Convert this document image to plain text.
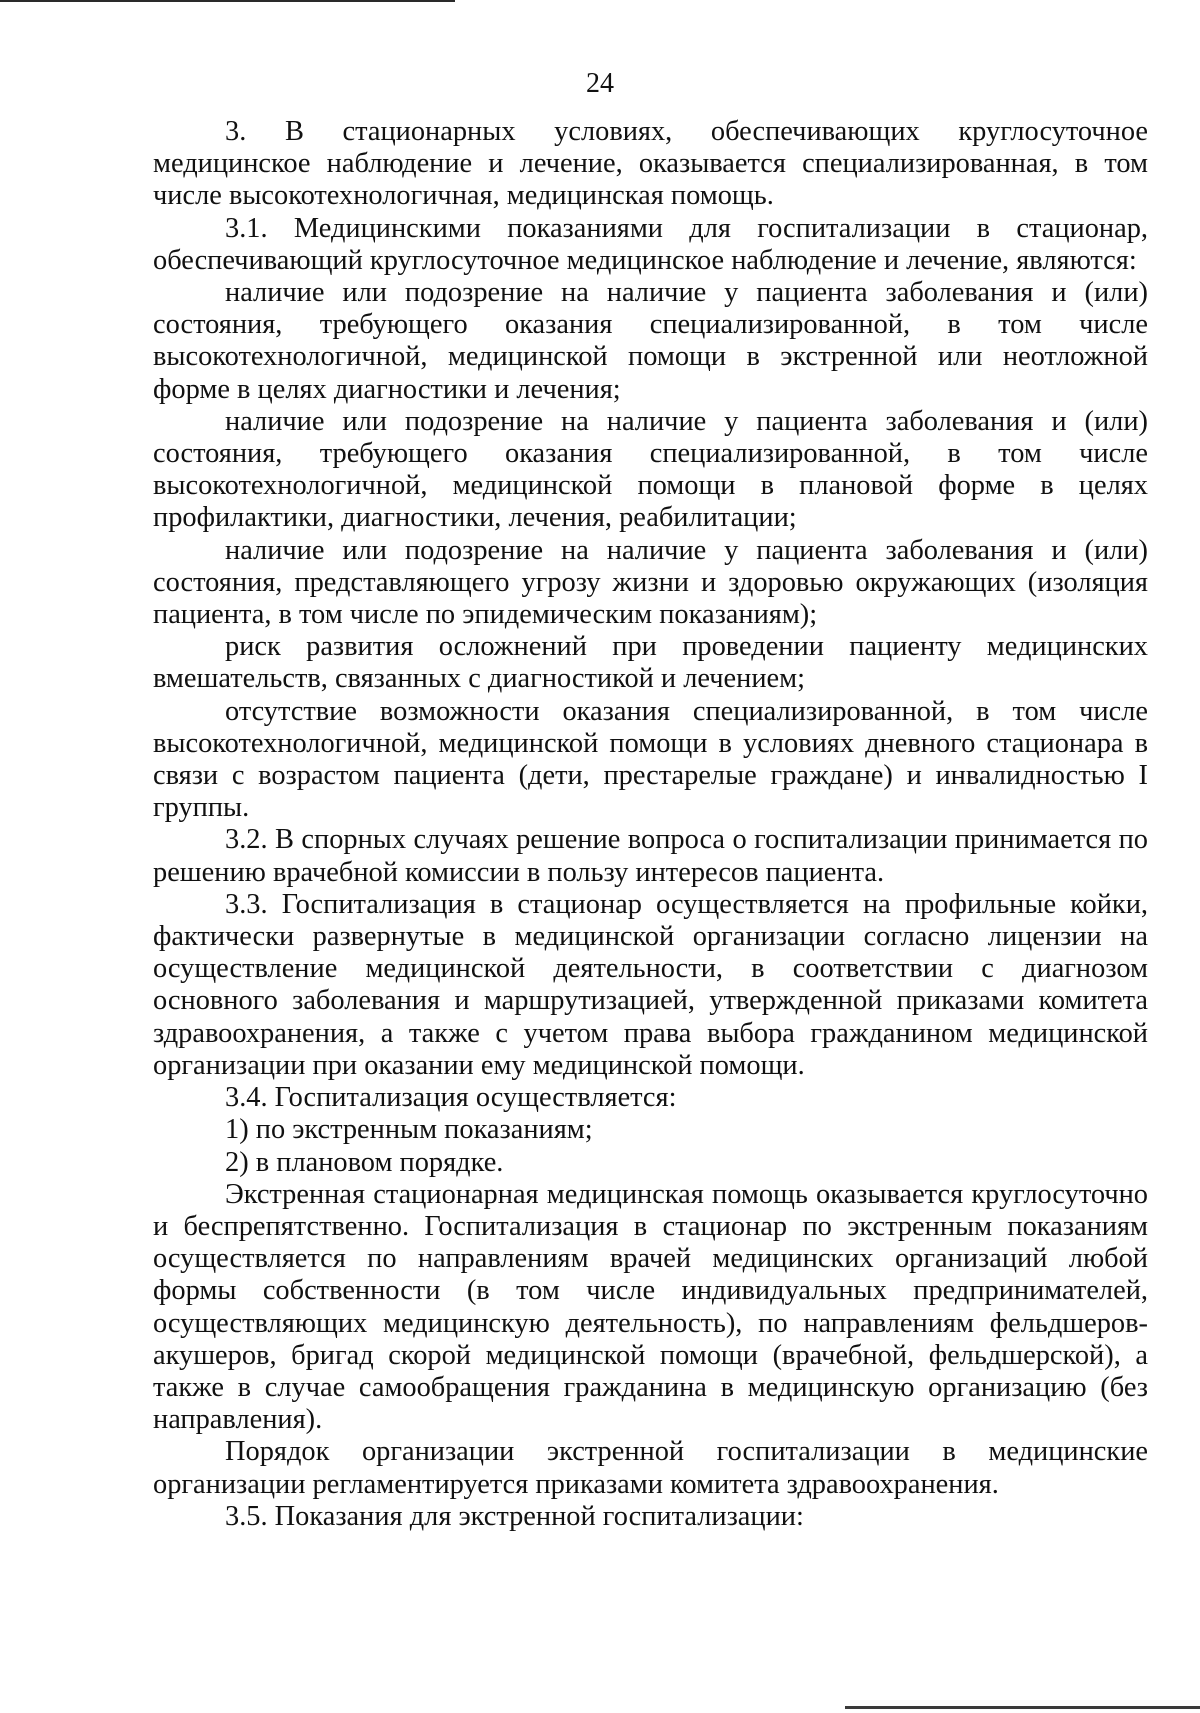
24

3. В стационарных условиях, обеспечивающих круглосуточное медицинское наблюдение и лечение, оказывается специализированная, в том числе высокотехнологичная, медицинская помощь.

3.1. Медицинскими показаниями для госпитализации в стационар, обеспечивающий круглосуточное медицинское наблюдение и лечение, являются:

наличие или подозрение на наличие у пациента заболевания и (или) состояния, требующего оказания специализированной, в том числе высокотехнологичной, медицинской помощи в экстренной или неотложной форме в целях диагностики и лечения;

наличие или подозрение на наличие у пациента заболевания и (или) состояния, требующего оказания специализированной, в том числе высокотехнологичной, медицинской помощи в плановой форме в целях профилактики, диагностики, лечения, реабилитации;

наличие или подозрение на наличие у пациента заболевания и (или) состояния, представляющего угрозу жизни и здоровью окружающих (изоляция пациента, в том числе по эпидемическим показаниям);

риск развития осложнений при проведении пациенту медицинских вмешательств, связанных с диагностикой и лечением;

отсутствие возможности оказания специализированной, в том числе высокотехнологичной, медицинской помощи в условиях дневного стационара в связи с возрастом пациента (дети, престарелые граждане) и инвалидностью I группы.

3.2. В спорных случаях решение вопроса о госпитализации принимается по решению врачебной комиссии в пользу интересов пациента.

3.3. Госпитализация в стационар осуществляется на профильные койки, фактически развернутые в медицинской организации согласно лицензии на осуществление медицинской деятельности, в соответствии с диагнозом основного заболевания и маршрутизацией, утвержденной приказами комитета здравоохранения, а также с учетом права выбора гражданином медицинской организации при оказании ему медицинской помощи.

3.4. Госпитализация осуществляется:

1) по экстренным показаниям;

2) в плановом порядке.

Экстренная стационарная медицинская помощь оказывается круглосуточно и беспрепятственно. Госпитализация в стационар по экстренным показаниям осуществляется по направлениям врачей медицинских организаций любой формы собственности (в том числе индивидуальных предпринимателей, осуществляющих медицинскую деятельность), по направлениям фельдшеров-акушеров, бригад скорой медицинской помощи (врачебной, фельдшерской), а также в случае самообращения гражданина в медицинскую организацию (без направления).

Порядок организации экстренной госпитализации в медицинские организации регламентируется приказами комитета здравоохранения.

3.5. Показания для экстренной госпитализации:
